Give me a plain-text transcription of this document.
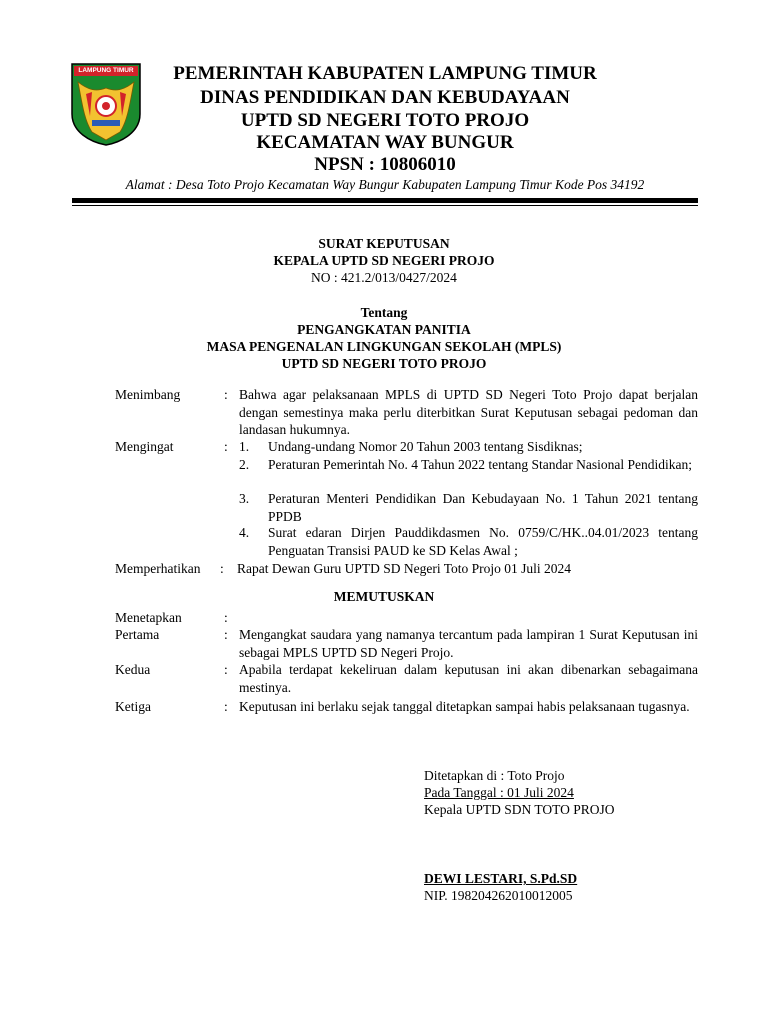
LAMPUNG TIMUR	PEMERINTAH KABUPATEN LAMPUNG TIMUR
DINAS PENDIDIKAN DAN KEBUDAYAAN
UPTD SD NEGERI TOTO PROJO
KECAMATAN WAY BUNGUR
NPSN : 10806010
Alamat : Desa Toto Projo Kecamatan Way Bungur Kabupaten Lampung Timur Kode Pos 34192
SURAT KEPUTUSAN
KEPALA UPTD SD NEGERI PROJO
NO : 421.2/013/0427/2024
Tentang
PENGANGKATAN PANITIA
MASA PENGENALAN LINGKUNGAN SEKOLAH (MPLS)
UPTD SD NEGERI TOTO PROJO
Menimbang	: Bahwa agar pelaksanaan MPLS di UPTD SD Negeri Toto Projo dapat berjalan dengan semestinya maka perlu diterbitkan Surat Keputusan sebagai pedoman dan landasan hukumnya.
Mengingat	: 1. Undang-undang Nomor 20 Tahun 2003 tentang Sisdiknas;
2. Peraturan Pemerintah No. 4 Tahun 2022 tentang Standar Nasional Pendidikan;
3. Peraturan Menteri Pendidikan Dan Kebudayaan No. 1 Tahun 2021 tentang PPDB
4. Surat edaran Dirjen Pauddikdasmen No. 0759/C/HK..04.01/2023 tentang Penguatan Transisi PAUD ke SD Kelas Awal ;
Memperhatikan : Rapat Dewan Guru UPTD SD Negeri Toto Projo 01 Juli 2024
MEMUTUSKAN
Menetapkan	:
Pertama	: Mengangkat saudara yang namanya tercantum pada lampiran 1 Surat Keputusan ini sebagai MPLS UPTD SD Negeri Projo.
Kedua	: Apabila terdapat kekeliruan dalam keputusan ini akan dibenarkan sebagaimana mestinya.
Ketiga	: Keputusan ini berlaku sejak tanggal ditetapkan sampai habis pelaksanaan tugasnya.
Ditetapkan di : Toto Projo
Pada Tanggal : 01 Juli 2024
Kepala UPTD SDN TOTO PROJO
DEWI LESTARI, S.Pd.SD
NIP. 198204262010012005
